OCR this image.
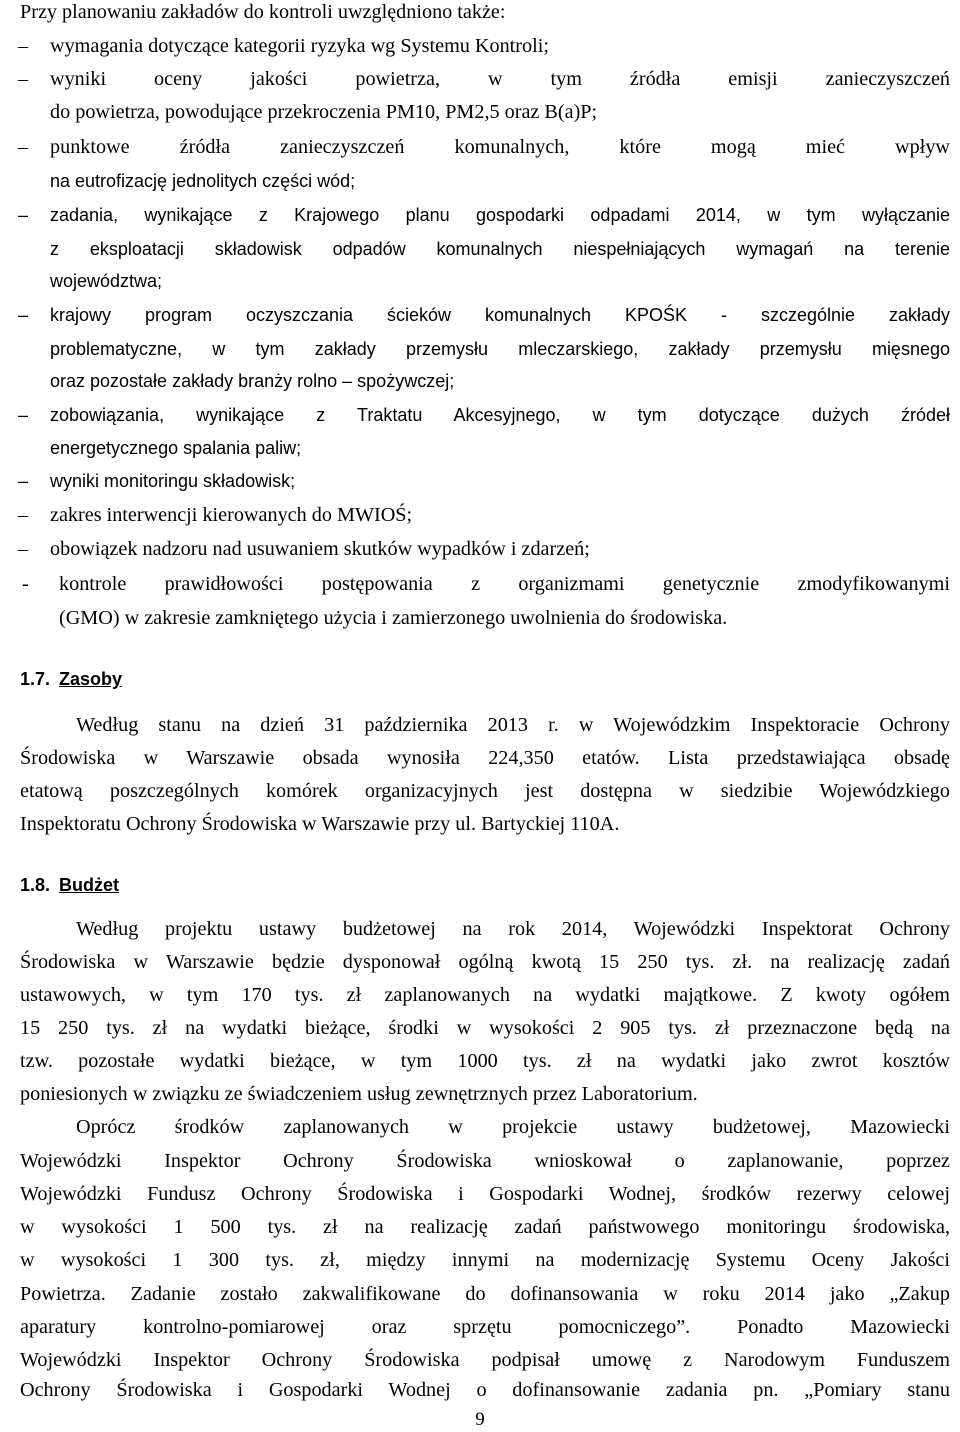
Przy planowaniu zakładów do kontroli uwzględniono także:
– wymagania dotyczące kategorii ryzyka wg Systemu Kontroli;
– wyniki oceny jakości powietrza, w tym źródła emisji zanieczyszczeń
do powietrza, powodujące przekroczenia PM10, PM2,5 oraz B(a)P;
– punktowe źródła zanieczyszczeń komunalnych, które mogą mieć wpływ
na eutrofizację jednolitych części wód;
– zadania, wynikające z Krajowego planu gospodarki odpadami 2014, w tym wyłączanie
z eksploatacji składowisk odpadów komunalnych niespełniających wymagań na terenie
województwa;
– krajowy program oczyszczania ścieków komunalnych KPOŚK - szczególnie zakłady
problematyczne, w tym zakłady przemysłu mleczarskiego, zakłady przemysłu mięsnego
oraz pozostałe zakłady branży rolno – spożywczej;
– zobowiązania, wynikające z Traktatu Akcesyjnego, w tym dotyczące dużych źródeł
energetycznego spalania paliw;
– wyniki monitoringu składowisk;
– zakres interwencji kierowanych do MWIOŚ;
– obowiązek nadzoru nad usuwaniem skutków wypadków i zdarzeń;
- kontrole prawidłowości postępowania z organizmami genetycznie zmodyfikowanymi
(GMO) w zakresie zamkniętego użycia i zamierzonego uwolnienia do środowiska.
1.7. Zasoby
Według stanu na dzień 31 października 2013 r. w Wojewódzkim Inspektoracie Ochrony
Środowiska w Warszawie obsada wynosiła 224,350 etatów. Lista przedstawiająca obsadę
etatową poszczególnych komórek organizacyjnych jest dostępna w siedzibie Wojewódzkiego
Inspektoratu Ochrony Środowiska w Warszawie przy ul. Bartyckiej 110A.
1.8. Budżet
Według projektu ustawy budżetowej na rok 2014, Wojewódzki Inspektorat Ochrony
Środowiska w Warszawie będzie dysponował ogólną kwotą 15 250 tys. zł. na realizację zadań
ustawowych, w tym 170 tys. zł zaplanowanych na wydatki majątkowe. Z kwoty ogółem
15 250 tys. zł na wydatki bieżące, środki w wysokości 2 905 tys. zł przeznaczone będą na
tzw. pozostałe wydatki bieżące, w tym 1000 tys. zł na wydatki jako zwrot kosztów
poniesionych w związku ze świadczeniem usług zewnętrznych przez Laboratorium.
Oprócz środków zaplanowanych w projekcie ustawy budżetowej, Mazowiecki
Wojewódzki Inspektor Ochrony Środowiska wnioskował o zaplanowanie, poprzez
Wojewódzki Fundusz Ochrony Środowiska i Gospodarki Wodnej, środków rezerwy celowej
w wysokości 1 500 tys. zł na realizację zadań państwowego monitoringu środowiska,
w wysokości 1 300 tys. zł, między innymi na modernizację Systemu Oceny Jakości
Powietrza. Zadanie zostało zakwalifikowane do dofinansowania w roku 2014 jako „Zakup
aparatury kontrolno-pomiarowej oraz sprzętu pomocniczego”. Ponadto Mazowiecki
Wojewódzki Inspektor Ochrony Środowiska podpisał umowę z Narodowym Funduszem
Ochrony Środowiska i Gospodarki Wodnej o dofinansowanie zadania pn. „Pomiary stanu
9
